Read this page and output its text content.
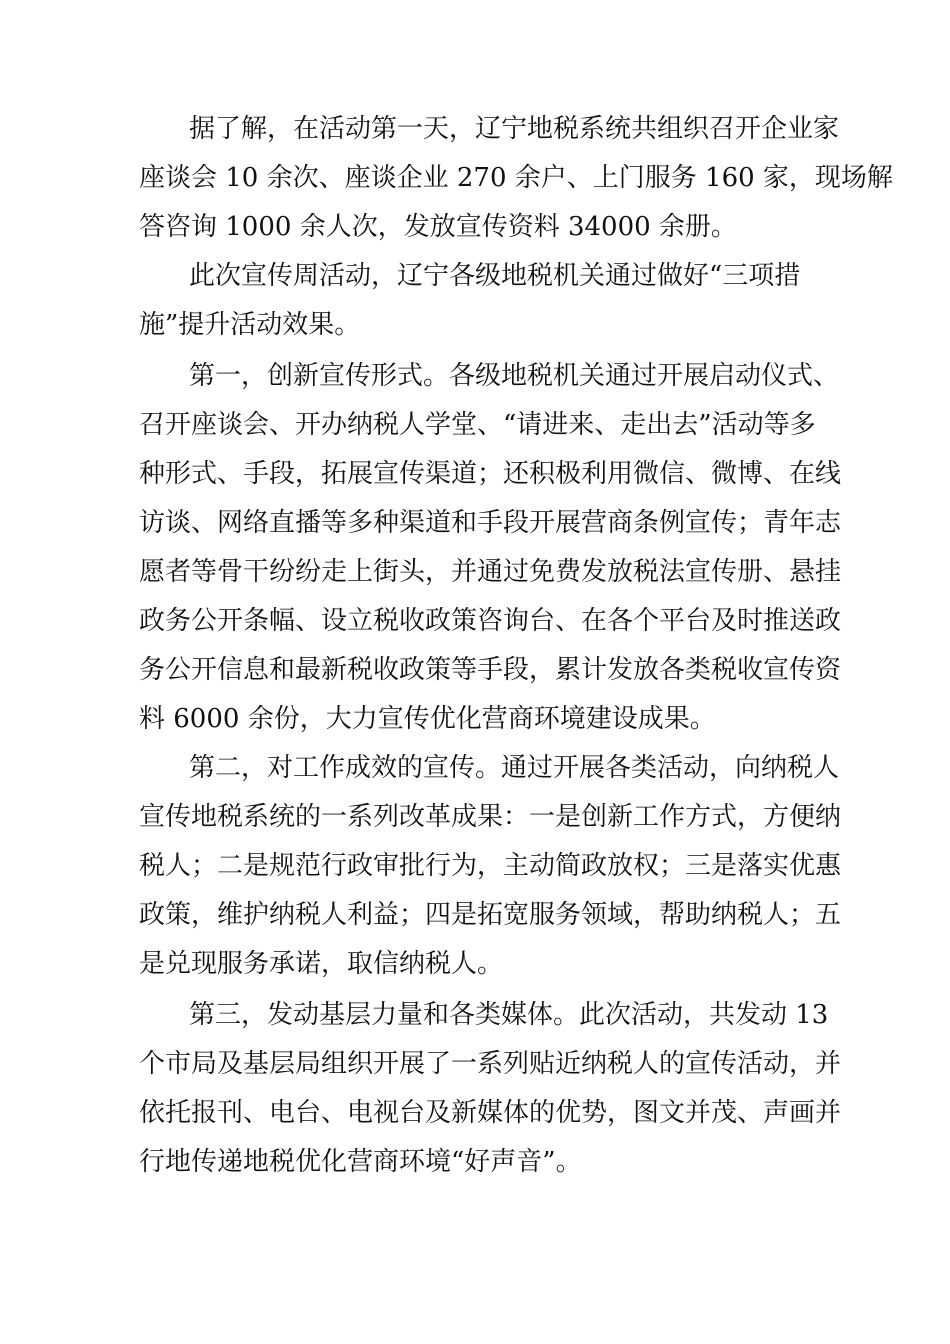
据了解，在活动第一天，辽宁地税系统共组织召开企业家
座谈会 10 余次、座谈企业 270 余户、上门服务 160 家，现场解
答咨询 1000 余人次，发放宣传资料 34000 余册。
此次宣传周活动，辽宁各级地税机关通过做好“三项措
施”提升活动效果。
第一，创新宣传形式。各级地税机关通过开展启动仪式、
召开座谈会、开办纳税人学堂、“请进来、走出去”活动等多
种形式、手段，拓展宣传渠道；还积极利用微信、微博、在线
访谈、网络直播等多种渠道和手段开展营商条例宣传；青年志
愿者等骨干纷纷走上街头，并通过免费发放税法宣传册、悬挂
政务公开条幅、设立税收政策咨询台、在各个平台及时推送政
务公开信息和最新税收政策等手段，累计发放各类税收宣传资
料 6000 余份，大力宣传优化营商环境建设成果。
第二，对工作成效的宣传。通过开展各类活动，向纳税人
宣传地税系统的一系列改革成果：一是创新工作方式，方便纳
税人；二是规范行政审批行为，主动简政放权；三是落实优惠
政策，维护纳税人利益；四是拓宽服务领域，帮助纳税人；五
是兑现服务承诺，取信纳税人。
第三，发动基层力量和各类媒体。此次活动，共发动 13
个市局及基层局组织开展了一系列贴近纳税人的宣传活动，并
依托报刊、电台、电视台及新媒体的优势，图文并茂、声画并
行地传递地税优化营商环境“好声音”。
